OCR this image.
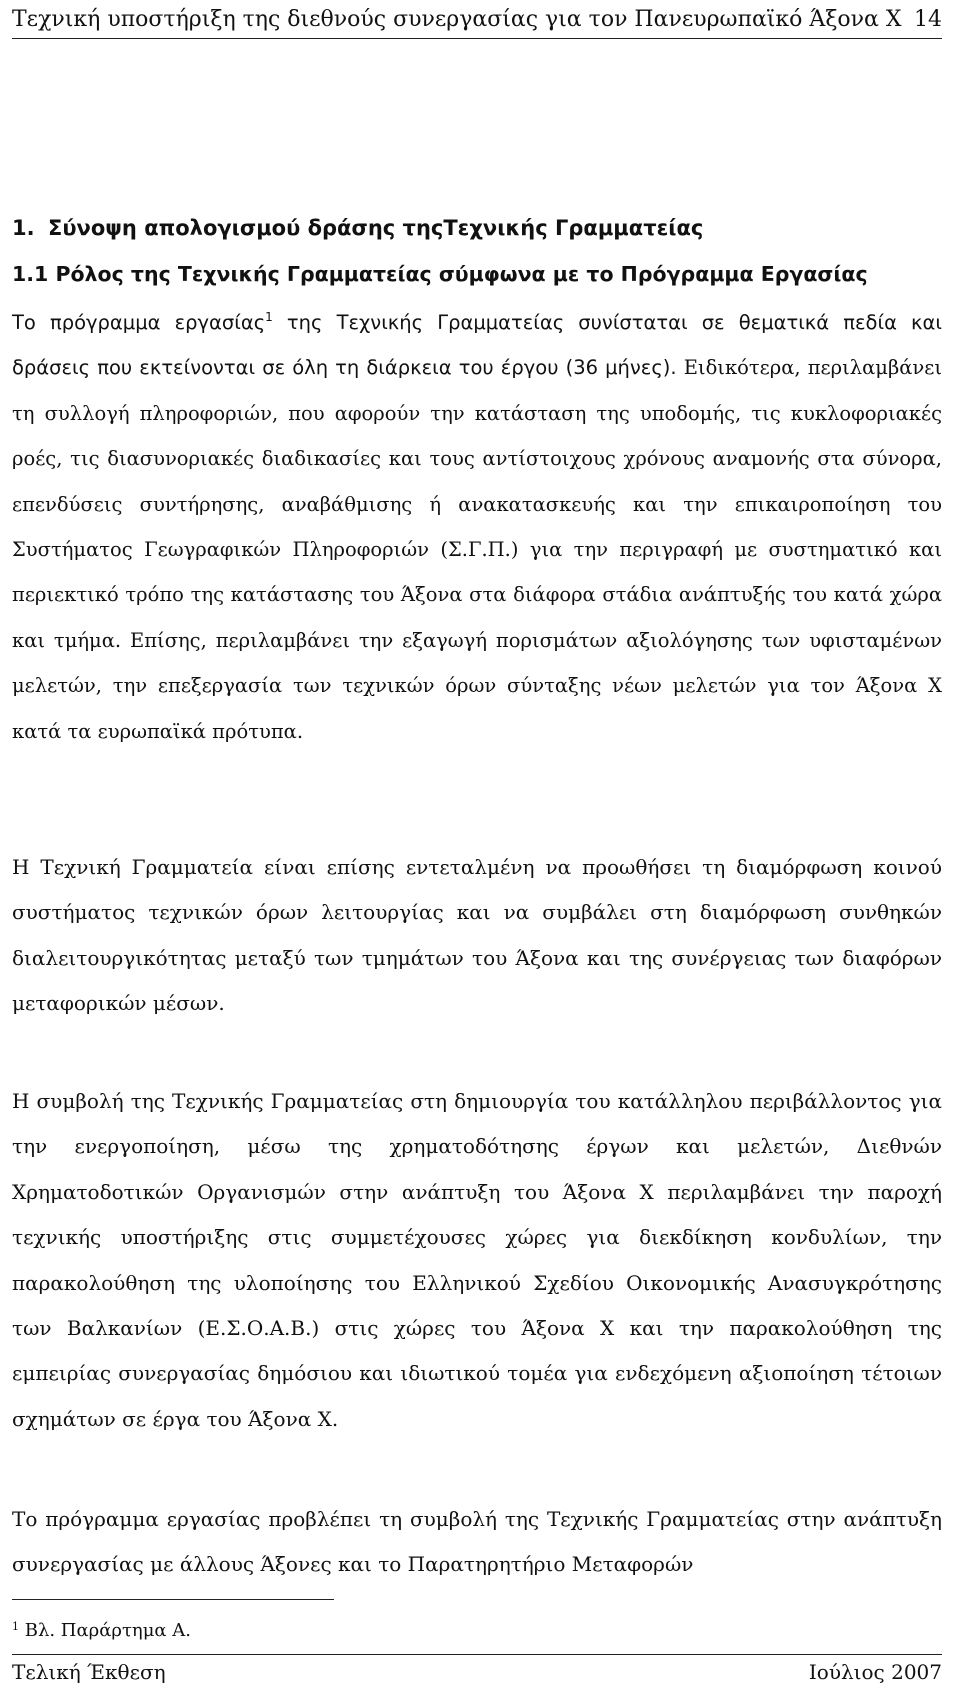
Τεχνική υποστήριξη της διεθνούς συνεργασίας για τον Πανευρωπαϊκό Άξονα Χ 14
1. Σύνοψη απολογισμού δράσης τηςΤεχνικής Γραμματείας
1.1 Ρόλος της Τεχνικής Γραμματείας σύμφωνα με το Πρόγραμμα Εργασίας
Το πρόγραμμα εργασίας$^1$ της Τεχνικής Γραμματείας συνίσταται σε θεματικά πεδία και δράσεις που εκτείνονται σε όλη τη διάρκεια του έργου (36 μήνες). Ειδικότερα, περιλαμβάνει τη συλλογή πληροφοριών, που αφορούν την κατάσταση της υποδομής, τις κυκλοφοριακές ροές, τις διασυνοριακές διαδικασίες και τους αντίστοιχους χρόνους αναμονής στα σύνορα, επενδύσεις συντήρησης, αναβάθμισης ή ανακατασκευής και την επικαιροποίηση του Συστήματος Γεωγραφικών Πληροφοριών (Σ.Γ.Π.) για την περιγραφή με συστηματικό και περιεκτικό τρόπο της κατάστασης του Άξονα στα διάφορα στάδια ανάπτυξής του κατά χώρα και τμήμα. Επίσης, περιλαμβάνει την εξαγωγή πορισμάτων αξιολόγησης των υφισταμένων μελετών, την επεξεργασία των τεχνικών όρων σύνταξης νέων μελετών για τον Άξονα Χ κατά τα ευρωπαϊκά πρότυπα.
Η Τεχνική Γραμματεία είναι επίσης εντεταλμένη να προωθήσει τη διαμόρφωση κοινού συστήματος τεχνικών όρων λειτουργίας και να συμβάλει στη διαμόρφωση συνθηκών διαλειτουργικότητας μεταξύ των τμημάτων του Άξονα και της συνέργειας των διαφόρων μεταφορικών μέσων.
Η συμβολή της Τεχνικής Γραμματείας στη δημιουργία του κατάλληλου περιβάλλοντος για την ενεργοποίηση, μέσω της χρηματοδότησης έργων και μελετών, Διεθνών Χρηματοδοτικών Οργανισμών στην ανάπτυξη του Άξονα Χ περιλαμβάνει την παροχή τεχνικής υποστήριξης στις συμμετέχουσες χώρες για διεκδίκηση κονδυλίων, την παρακολούθηση της υλοποίησης του Ελληνικού Σχεδίου Οικονομικής Ανασυγκρότησης των Βαλκανίων (Ε.Σ.Ο.Α.Β.) στις χώρες του Άξονα Χ και την παρακολούθηση της εμπειρίας συνεργασίας δημόσιου και ιδιωτικού τομέα για ενδεχόμενη αξιοποίηση τέτοιων σχημάτων σε έργα του Άξονα Χ.
Το πρόγραμμα εργασίας προβλέπει τη συμβολή της Τεχνικής Γραμματείας στην ανάπτυξη συνεργασίας με άλλους Άξονες και το Παρατηρητήριο Μεταφορών
$^1$ Βλ. Παράρτημα Α.
Τελική Έκθεση	Ιούλιος 2007
